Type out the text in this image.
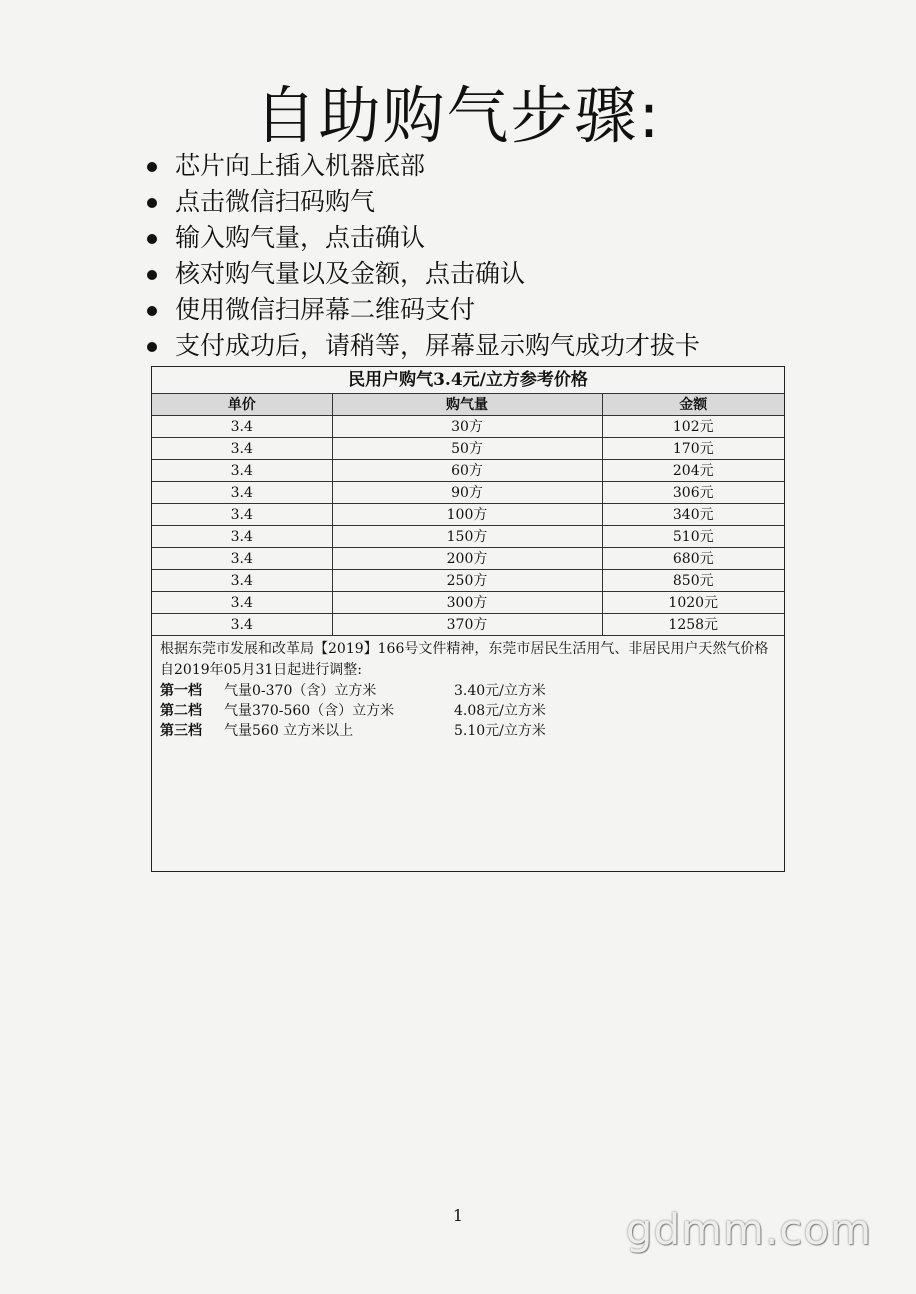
自助购气步骤:
芯片向上插入机器底部
点击微信扫码购气
输入购气量，点击确认
核对购气量以及金额，点击确认
使用微信扫屏幕二维码支付
支付成功后，请稍等，屏幕显示购气成功才拔卡
民用户购气3.4元/立方参考价格		
单价	购气量	金额
3.4	30方	102元
3.4	50方	170元
3.4	60方	204元
3.4	90方	306元
3.4	100方	340元
3.4	150方	510元
3.4	200方	680元
3.4	250方	850元
3.4	300方	1020元
3.4	370方	1258元
根据东莞市发展和改革局【2019】166号文件精神，东莞市居民生活用气、非居民用户天然气价格自2019年05月31日起进行调整:
第一档	气量0-370（含）立方米	3.40元/立方米
第二档	气量370-560（含）立方米	4.08元/立方米
第三档	气量560 立方米以上	5.10元/立方米
1	gdmm.com
